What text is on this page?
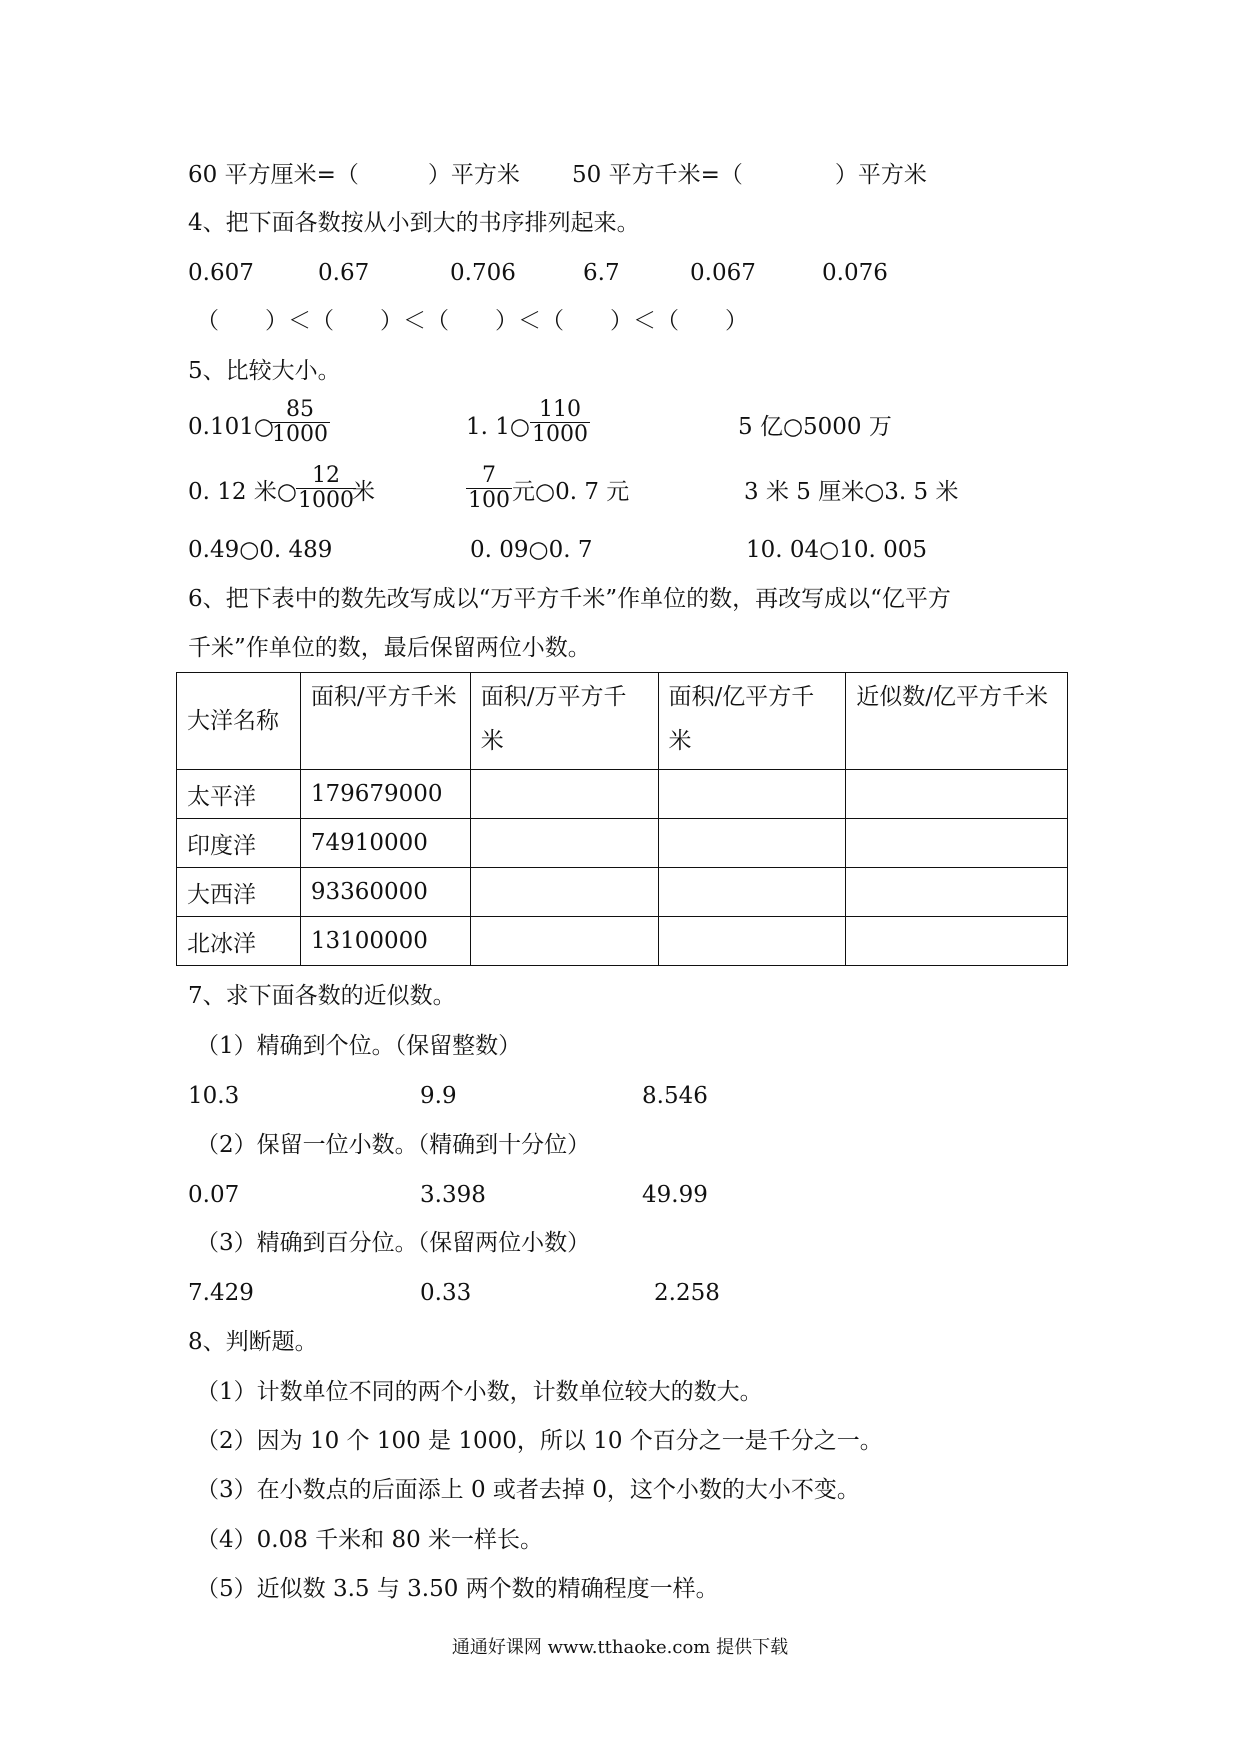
60 平方厘米=（　　　）平方米 50 平方千米=（　　　　）平方米
4、把下面各数按从小到大的书序排列起来。
0.607	0.67	0.706	6.7	0.067	0.076
（　　）＜（　　）＜（　　）＜（　　）＜（　　）
5、比较大小。
0.101○
85
1000	1. 1○
110
1000	5 亿○5000 万
0. 12 米○
12
1000
米
7
100 元○0. 7 元	3 米 5 厘米○3. 5 米
0.49○0. 489	0. 09○0. 7	10. 04○10. 005
6、把下表中的数先改写成以“万平方千米”作单位的数，再改写成以“亿平方
千米”作单位的数，最后保留两位小数。
大洋名称	面积/平方千米	面积/万平方千米	面积/亿平方千米	近似数/亿平方千米
太平洋	179679000			
印度洋	74910000			
大西洋	93360000			
北冰洋	13100000			
7、求下面各数的近似数。
（1）精确到个位。（保留整数）
10.3	9.9	8.546
（2）保留一位小数。（精确到十分位）
0.07	3.398	49.99
（3）精确到百分位。（保留两位小数）
7.429	0.33	2.258
8、判断题。
（1）计数单位不同的两个小数，计数单位较大的数大。
（2）因为 10 个 100 是 1000，所以 10 个百分之一是千分之一。
（3）在小数点的后面添上 0 或者去掉 0，这个小数的大小不变。
（4）0.08 千米和 80 米一样长。
（5）近似数 3.5 与 3.50 两个数的精确程度一样。
通通好课网 www.tthaoke.com 提供下载
